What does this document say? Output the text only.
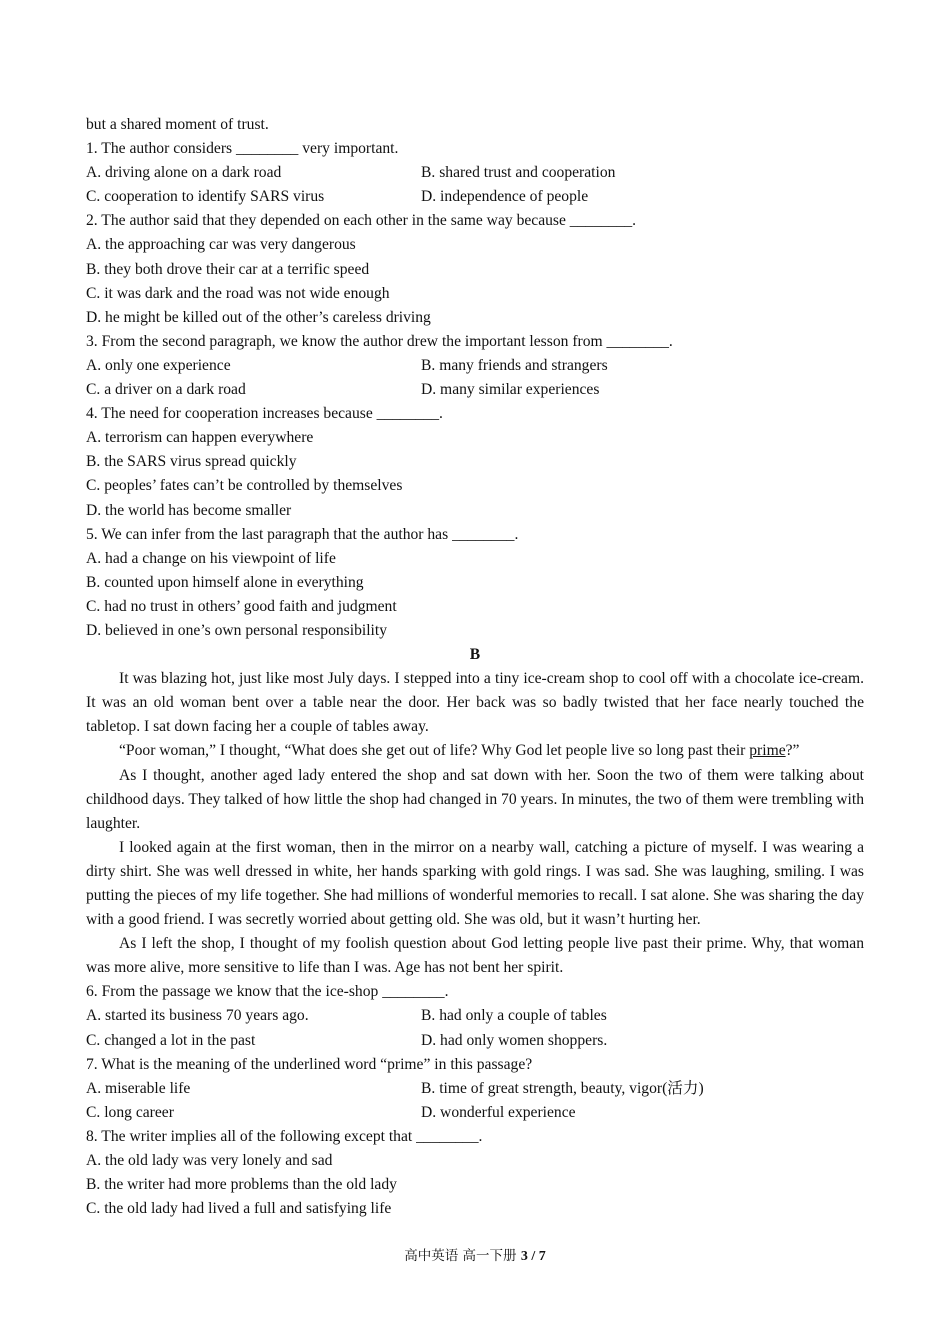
but a shared moment of trust.
1. The author considers ________ very important.
A. driving alone on a dark road	B. shared trust and cooperation
C. cooperation to identify SARS virus	D. independence of people
2. The author said that they depended on each other in the same way because ________.
A. the approaching car was very dangerous
B. they both drove their car at a terrific speed
C. it was dark and the road was not wide enough
D. he might be killed out of the other’s careless driving
3. From the second paragraph, we know the author drew the important lesson from ________.
A. only one experience	B. many friends and strangers
C. a driver on a dark road	D. many similar experiences
4. The need for cooperation increases because ________.
A. terrorism can happen everywhere
B. the SARS virus spread quickly
C. peoples’ fates can’t be controlled by themselves
D. the world has become smaller
5. We can infer from the last paragraph that the author has ________.
A. had a change on his viewpoint of life
B. counted upon himself alone in everything
C. had no trust in others’ good faith and judgment
D. believed in one’s own personal responsibility
B
It was blazing hot, just like most July days. I stepped into a tiny ice-cream shop to cool off with a chocolate ice-cream. It was an old woman bent over a table near the door. Her back was so badly twisted that her face nearly touched the tabletop. I sat down facing her a couple of tables away.
“Poor woman,” I thought, “What does she get out of life? Why God let people live so long past their prime?”
As I thought, another aged lady entered the shop and sat down with her. Soon the two of them were talking about childhood days. They talked of how little the shop had changed in 70 years. In minutes, the two of them were trembling with laughter.
I looked again at the first woman, then in the mirror on a nearby wall, catching a picture of myself. I was wearing a dirty shirt. She was well dressed in white, her hands sparking with gold rings. I was sad. She was laughing, smiling. I was putting the pieces of my life together. She had millions of wonderful memories to recall. I sat alone. She was sharing the day with a good friend. I was secretly worried about getting old. She was old, but it wasn’t hurting her.
As I left the shop, I thought of my foolish question about God letting people live past their prime. Why, that woman was more alive, more sensitive to life than I was. Age has not bent her spirit.
6. From the passage we know that the ice-shop ________.
A. started its business 70 years ago.	B. had only a couple of tables
C. changed a lot in the past	D. had only women shoppers.
7. What is the meaning of the underlined word “prime” in this passage?
A. miserable life	B. time of great strength, beauty, vigor(活力)
C. long career	D. wonderful experience
8. The writer implies all of the following except that ________.
A. the old lady was very lonely and sad
B. the writer had more problems than the old lady
C. the old lady had lived a full and satisfying life
高中英语 高一下册 3 / 7
